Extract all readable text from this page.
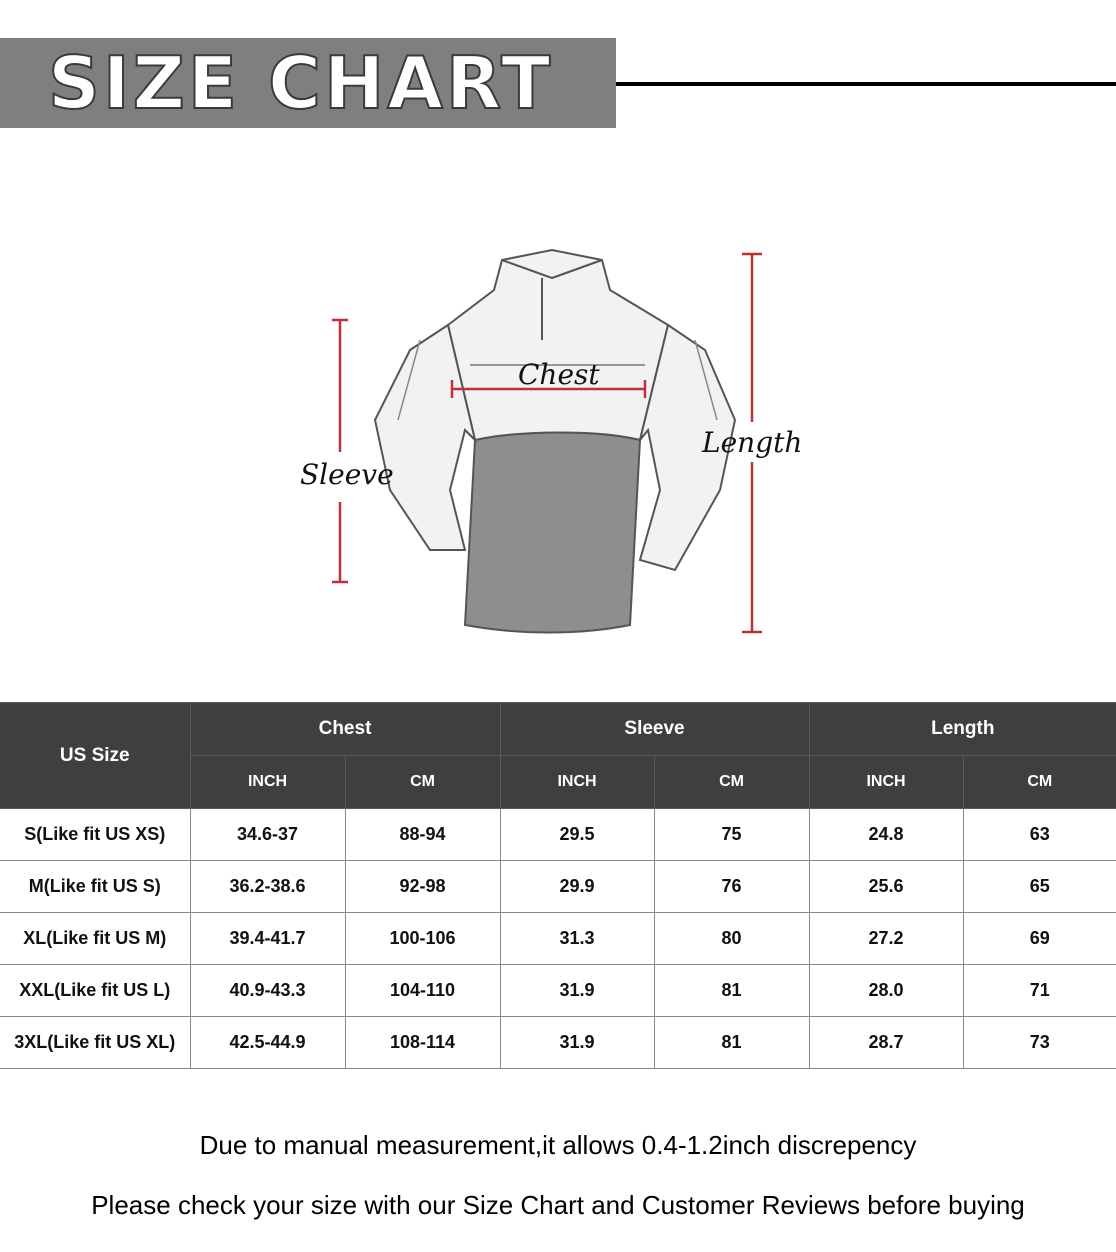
SIZE CHART
Sleeve
Chest
Length
US Size	Chest		Sleeve		Length	
	INCH	CM	INCH	CM	INCH	CM
S(Like fit US XS)	34.6-37	88-94	29.5	75	24.8	63
M(Like fit US S)	36.2-38.6	92-98	29.9	76	25.6	65
XL(Like fit US M)	39.4-41.7	100-106	31.3	80	27.2	69
XXL(Like fit US L)	40.9-43.3	104-110	31.9	81	28.0	71
3XL(Like fit US XL)	42.5-44.9	108-114	31.9	81	28.7	73
Due to manual measurement,it allows 0.4-1.2inch discrepency
Please check your size with our Size Chart and Customer Reviews before buying
